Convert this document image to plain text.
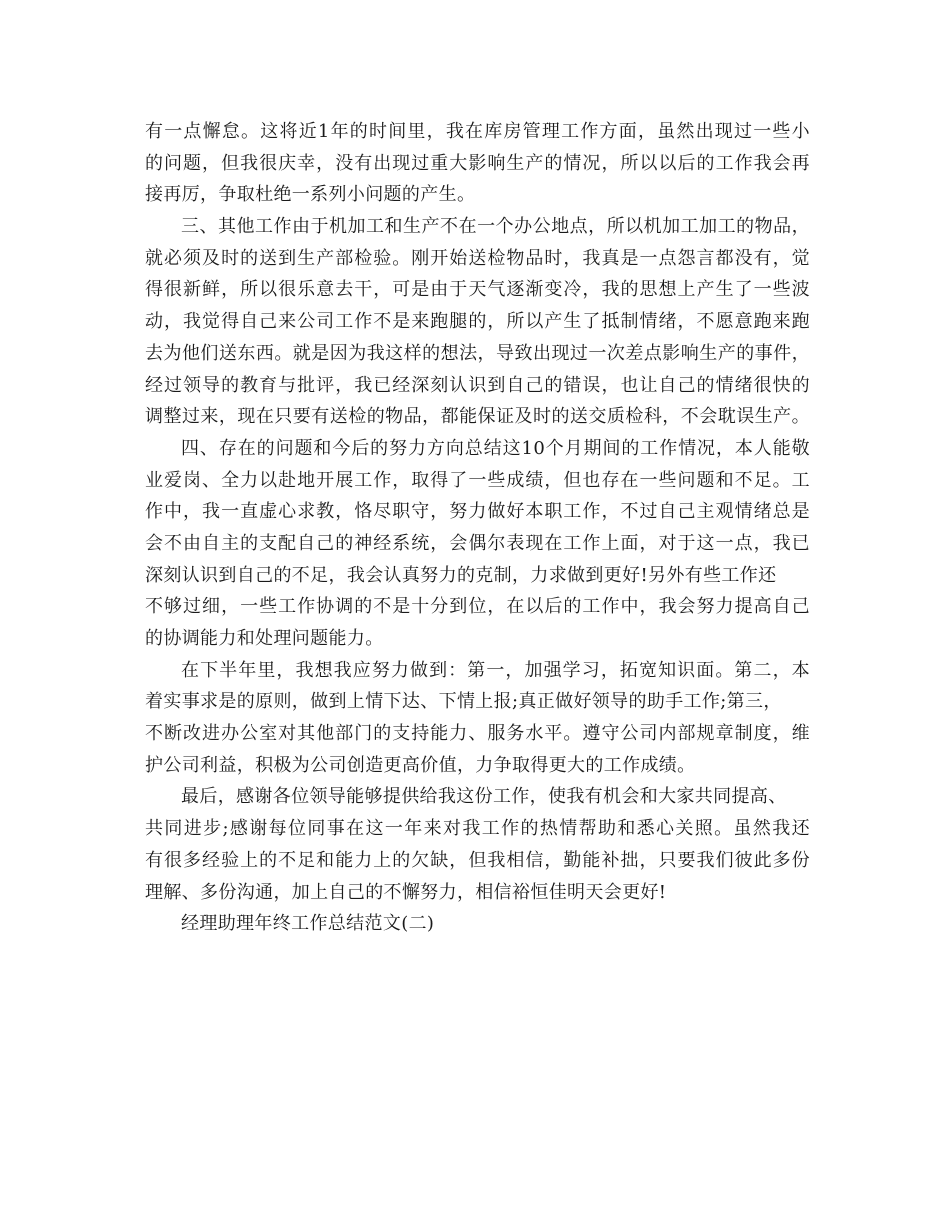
有一点懈怠。这将近1年的时间里，我在库房管理工作方面，虽然出现过一些小
的问题，但我很庆幸，没有出现过重大影响生产的情况，所以以后的工作我会再
接再厉，争取杜绝一系列小问题的产生。
三、其他工作由于机加工和生产不在一个办公地点，所以机加工加工的物品，
就必须及时的送到生产部检验。刚开始送检物品时，我真是一点怨言都没有，觉
得很新鲜，所以很乐意去干，可是由于天气逐渐变冷，我的思想上产生了一些波
动，我觉得自己来公司工作不是来跑腿的，所以产生了抵制情绪，不愿意跑来跑
去为他们送东西。就是因为我这样的想法，导致出现过一次差点影响生产的事件，
经过领导的教育与批评，我已经深刻认识到自己的错误，也让自己的情绪很快的
调整过来，现在只要有送检的物品，都能保证及时的送交质检科，不会耽误生产。
四、存在的问题和今后的努力方向总结这10个月期间的工作情况，本人能敬
业爱岗、全力以赴地开展工作，取得了一些成绩，但也存在一些问题和不足。工
作中，我一直虚心求教，恪尽职守，努力做好本职工作，不过自己主观情绪总是
会不由自主的支配自己的神经系统，会偶尔表现在工作上面，对于这一点，我已
深刻认识到自己的不足，我会认真努力的克制，力求做到更好!另外有些工作还
不够过细，一些工作协调的不是十分到位，在以后的工作中，我会努力提高自己
的协调能力和处理问题能力。
在下半年里，我想我应努力做到：第一，加强学习，拓宽知识面。第二，本
着实事求是的原则，做到上情下达、下情上报;真正做好领导的助手工作;第三，
不断改进办公室对其他部门的支持能力、服务水平。遵守公司内部规章制度，维
护公司利益，积极为公司创造更高价值，力争取得更大的工作成绩。
最后，感谢各位领导能够提供给我这份工作，使我有机会和大家共同提高、
共同进步;感谢每位同事在这一年来对我工作的热情帮助和悉心关照。虽然我还
有很多经验上的不足和能力上的欠缺，但我相信，勤能补拙，只要我们彼此多份
理解、多份沟通，加上自己的不懈努力，相信裕恒佳明天会更好!
经理助理年终工作总结范文(二)
